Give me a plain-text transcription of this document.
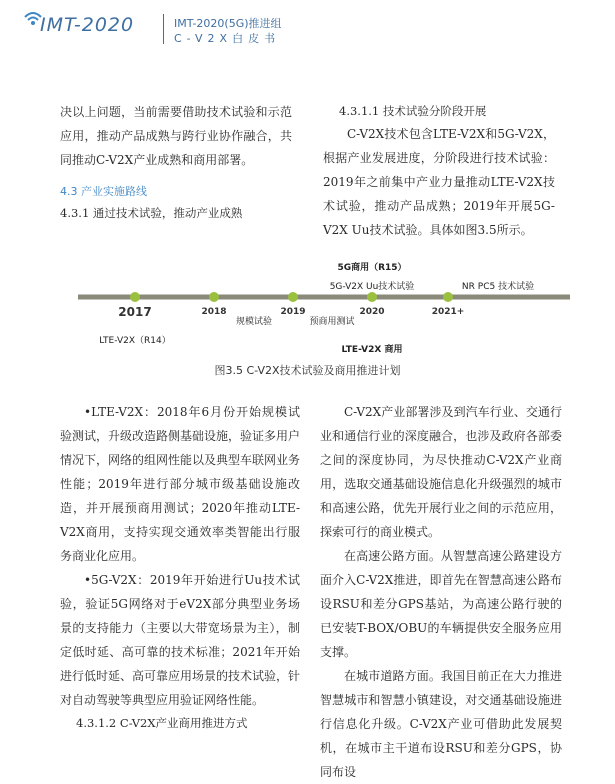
IMT-2020	IMT-2020(5G)推进组
C-V2X白皮书

决以上问题，当前需要借助技术试验和示范应用，推动产品成熟与跨行业协作融合，共同推动C-V2X产业成熟和商用部署。

4.3 产业实施路线
4.3.1 通过技术试验，推动产业成熟
4.3.1.1 技术试验分阶段开展

C-V2X技术包含LTE-V2X和5G-V2X，根据产业发展进度，分阶段进行技术试验：2019年之前集中产业力量推动LTE-V2X技术试验，推动产品成熟；2019年开展5G-V2X Uu技术试验。具体如图3.5所示。

2017	2018	2019	2020	2021+
5G商用（R15）
5G-V2X Uu技术试验	NR PC5 技术试验
LTE-V2X（R14）
规模试验	预商用测试
LTE-V2X 商用
图3.5 C-V2X技术试验及商用推进计划

•LTE-V2X：2018年6月份开始规模试验测试，升级改造路侧基础设施，验证多用户情况下，网络的组网性能以及典型车联网业务性能；2019年进行部分城市级基础设施改造，并开展预商用测试；2020年推动LTE-V2X商用，支持实现交通效率类智能出行服务商业化应用。

•5G-V2X：2019年开始进行Uu技术试验，验证5G网络对于eV2X部分典型业务场景的支持能力（主要以大带宽场景为主），制定低时延、高可靠的技术标准；2021年开始进行低时延、高可靠应用场景的技术试验，针对自动驾驶等典型应用验证网络性能。

4.3.1.2 C-V2X产业商用推进方式

C-V2X产业部署涉及到汽车行业、交通行业和通信行业的深度融合，也涉及政府各部委之间的深度协同，为尽快推动C-V2X产业商用，选取交通基础设施信息化升级强烈的城市和高速公路，优先开展行业之间的示范应用，探索可行的商业模式。

在高速公路方面。从智慧高速公路建设方面介入C-V2X推进，即首先在智慧高速公路布设RSU和差分GPS基站，为高速公路行驶的已安装T-BOX/OBU的车辆提供安全服务应用支撑。

在城市道路方面。我国目前正在大力推进智慧城市和智慧小镇建设，对交通基础设施进行信息化升级。C-V2X产业可借助此发展契机，在城市主干道布设RSU和差分GPS，协同布设
